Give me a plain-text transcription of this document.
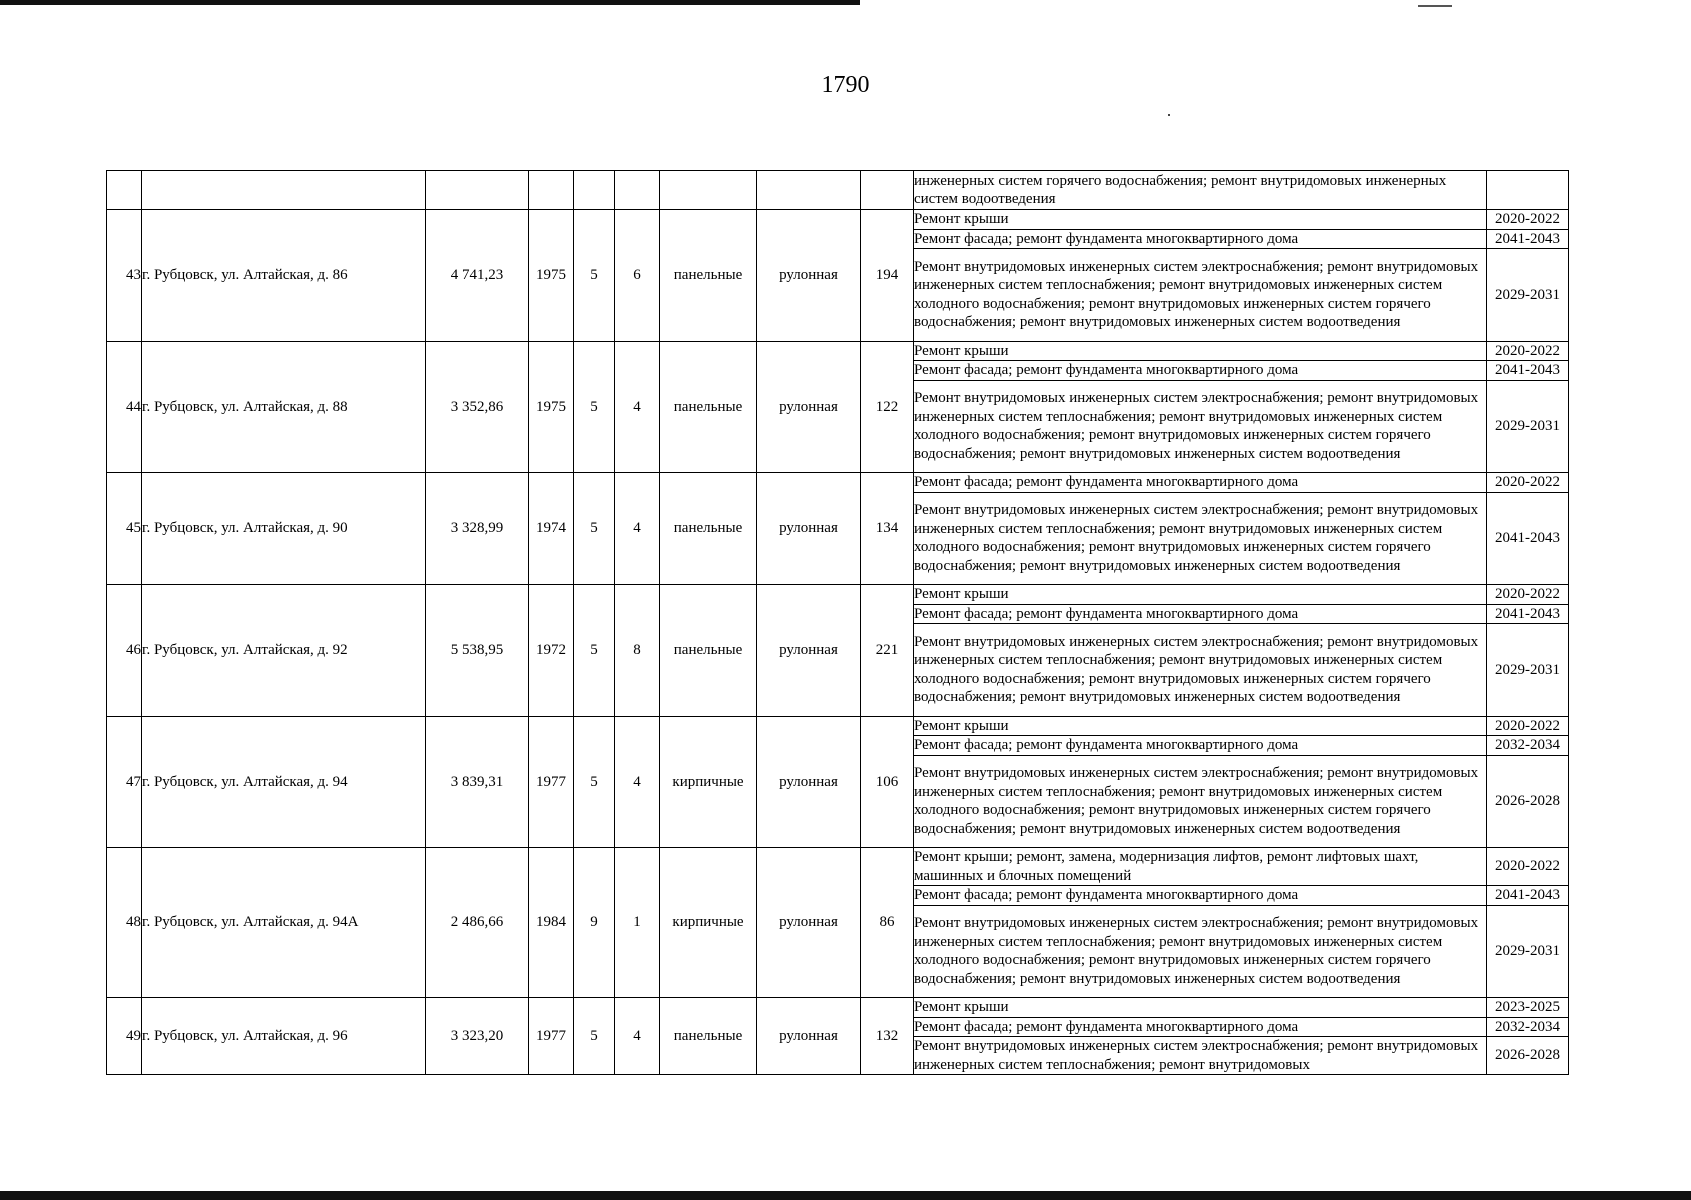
1790
									инженерных систем горячего водоснабжения; ремонт внутридомовых инженерных систем водоотведения	
43	г. Рубцовск, ул. Алтайская, д. 86	4 741,23	1975	5	6	панельные	рулонная	194	Ремонт крыши	2020-2022
									Ремонт фасада; ремонт фундамента многоквартирного дома	2041-2043
									Ремонт внутридомовых инженерных систем электроснабжения; ремонт внутридомовых инженерных систем теплоснабжения; ремонт внутридомовых инженерных систем холодного водоснабжения; ремонт внутридомовых инженерных систем горячего водоснабжения; ремонт внутридомовых инженерных систем водоотведения	2029-2031
44	г. Рубцовск, ул. Алтайская, д. 88	3 352,86	1975	5	4	панельные	рулонная	122	Ремонт крыши	2020-2022
									Ремонт фасада; ремонт фундамента многоквартирного дома	2041-2043
									Ремонт внутридомовых инженерных систем электроснабжения; ремонт внутридомовых инженерных систем теплоснабжения; ремонт внутридомовых инженерных систем холодного водоснабжения; ремонт внутридомовых инженерных систем горячего водоснабжения; ремонт внутридомовых инженерных систем водоотведения	2029-2031
45	г. Рубцовск, ул. Алтайская, д. 90	3 328,99	1974	5	4	панельные	рулонная	134	Ремонт фасада; ремонт фундамента многоквартирного дома	2020-2022
									Ремонт внутридомовых инженерных систем электроснабжения; ремонт внутридомовых инженерных систем теплоснабжения; ремонт внутридомовых инженерных систем холодного водоснабжения; ремонт внутридомовых инженерных систем горячего водоснабжения; ремонт внутридомовых инженерных систем водоотведения	2041-2043
46	г. Рубцовск, ул. Алтайская, д. 92	5 538,95	1972	5	8	панельные	рулонная	221	Ремонт крыши	2020-2022
									Ремонт фасада; ремонт фундамента многоквартирного дома	2041-2043
									Ремонт внутридомовых инженерных систем электроснабжения; ремонт внутридомовых инженерных систем теплоснабжения; ремонт внутридомовых инженерных систем холодного водоснабжения; ремонт внутридомовых инженерных систем горячего водоснабжения; ремонт внутридомовых инженерных систем водоотведения	2029-2031
47	г. Рубцовск, ул. Алтайская, д. 94	3 839,31	1977	5	4	кирпичные	рулонная	106	Ремонт крыши	2020-2022
									Ремонт фасада; ремонт фундамента многоквартирного дома	2032-2034
									Ремонт внутридомовых инженерных систем электроснабжения; ремонт внутридомовых инженерных систем теплоснабжения; ремонт внутридомовых инженерных систем холодного водоснабжения; ремонт внутридомовых инженерных систем горячего водоснабжения; ремонт внутридомовых инженерных систем водоотведения	2026-2028
48	г. Рубцовск, ул. Алтайская, д. 94А	2 486,66	1984	9	1	кирпичные	рулонная	86	Ремонт крыши; ремонт, замена, модернизация лифтов, ремонт лифтовых шахт, машинных и блочных помещений	2020-2022
									Ремонт фасада; ремонт фундамента многоквартирного дома	2041-2043
									Ремонт внутридомовых инженерных систем электроснабжения; ремонт внутридомовых инженерных систем теплоснабжения; ремонт внутридомовых инженерных систем холодного водоснабжения; ремонт внутридомовых инженерных систем горячего водоснабжения; ремонт внутридомовых инженерных систем водоотведения	2029-2031
49	г. Рубцовск, ул. Алтайская, д. 96	3 323,20	1977	5	4	панельные	рулонная	132	Ремонт крыши	2023-2025
									Ремонт фасада; ремонт фундамента многоквартирного дома	2032-2034
									Ремонт внутридомовых инженерных систем электроснабжения; ремонт внутридомовых инженерных систем теплоснабжения; ремонт внутридомовых	2026-2028
